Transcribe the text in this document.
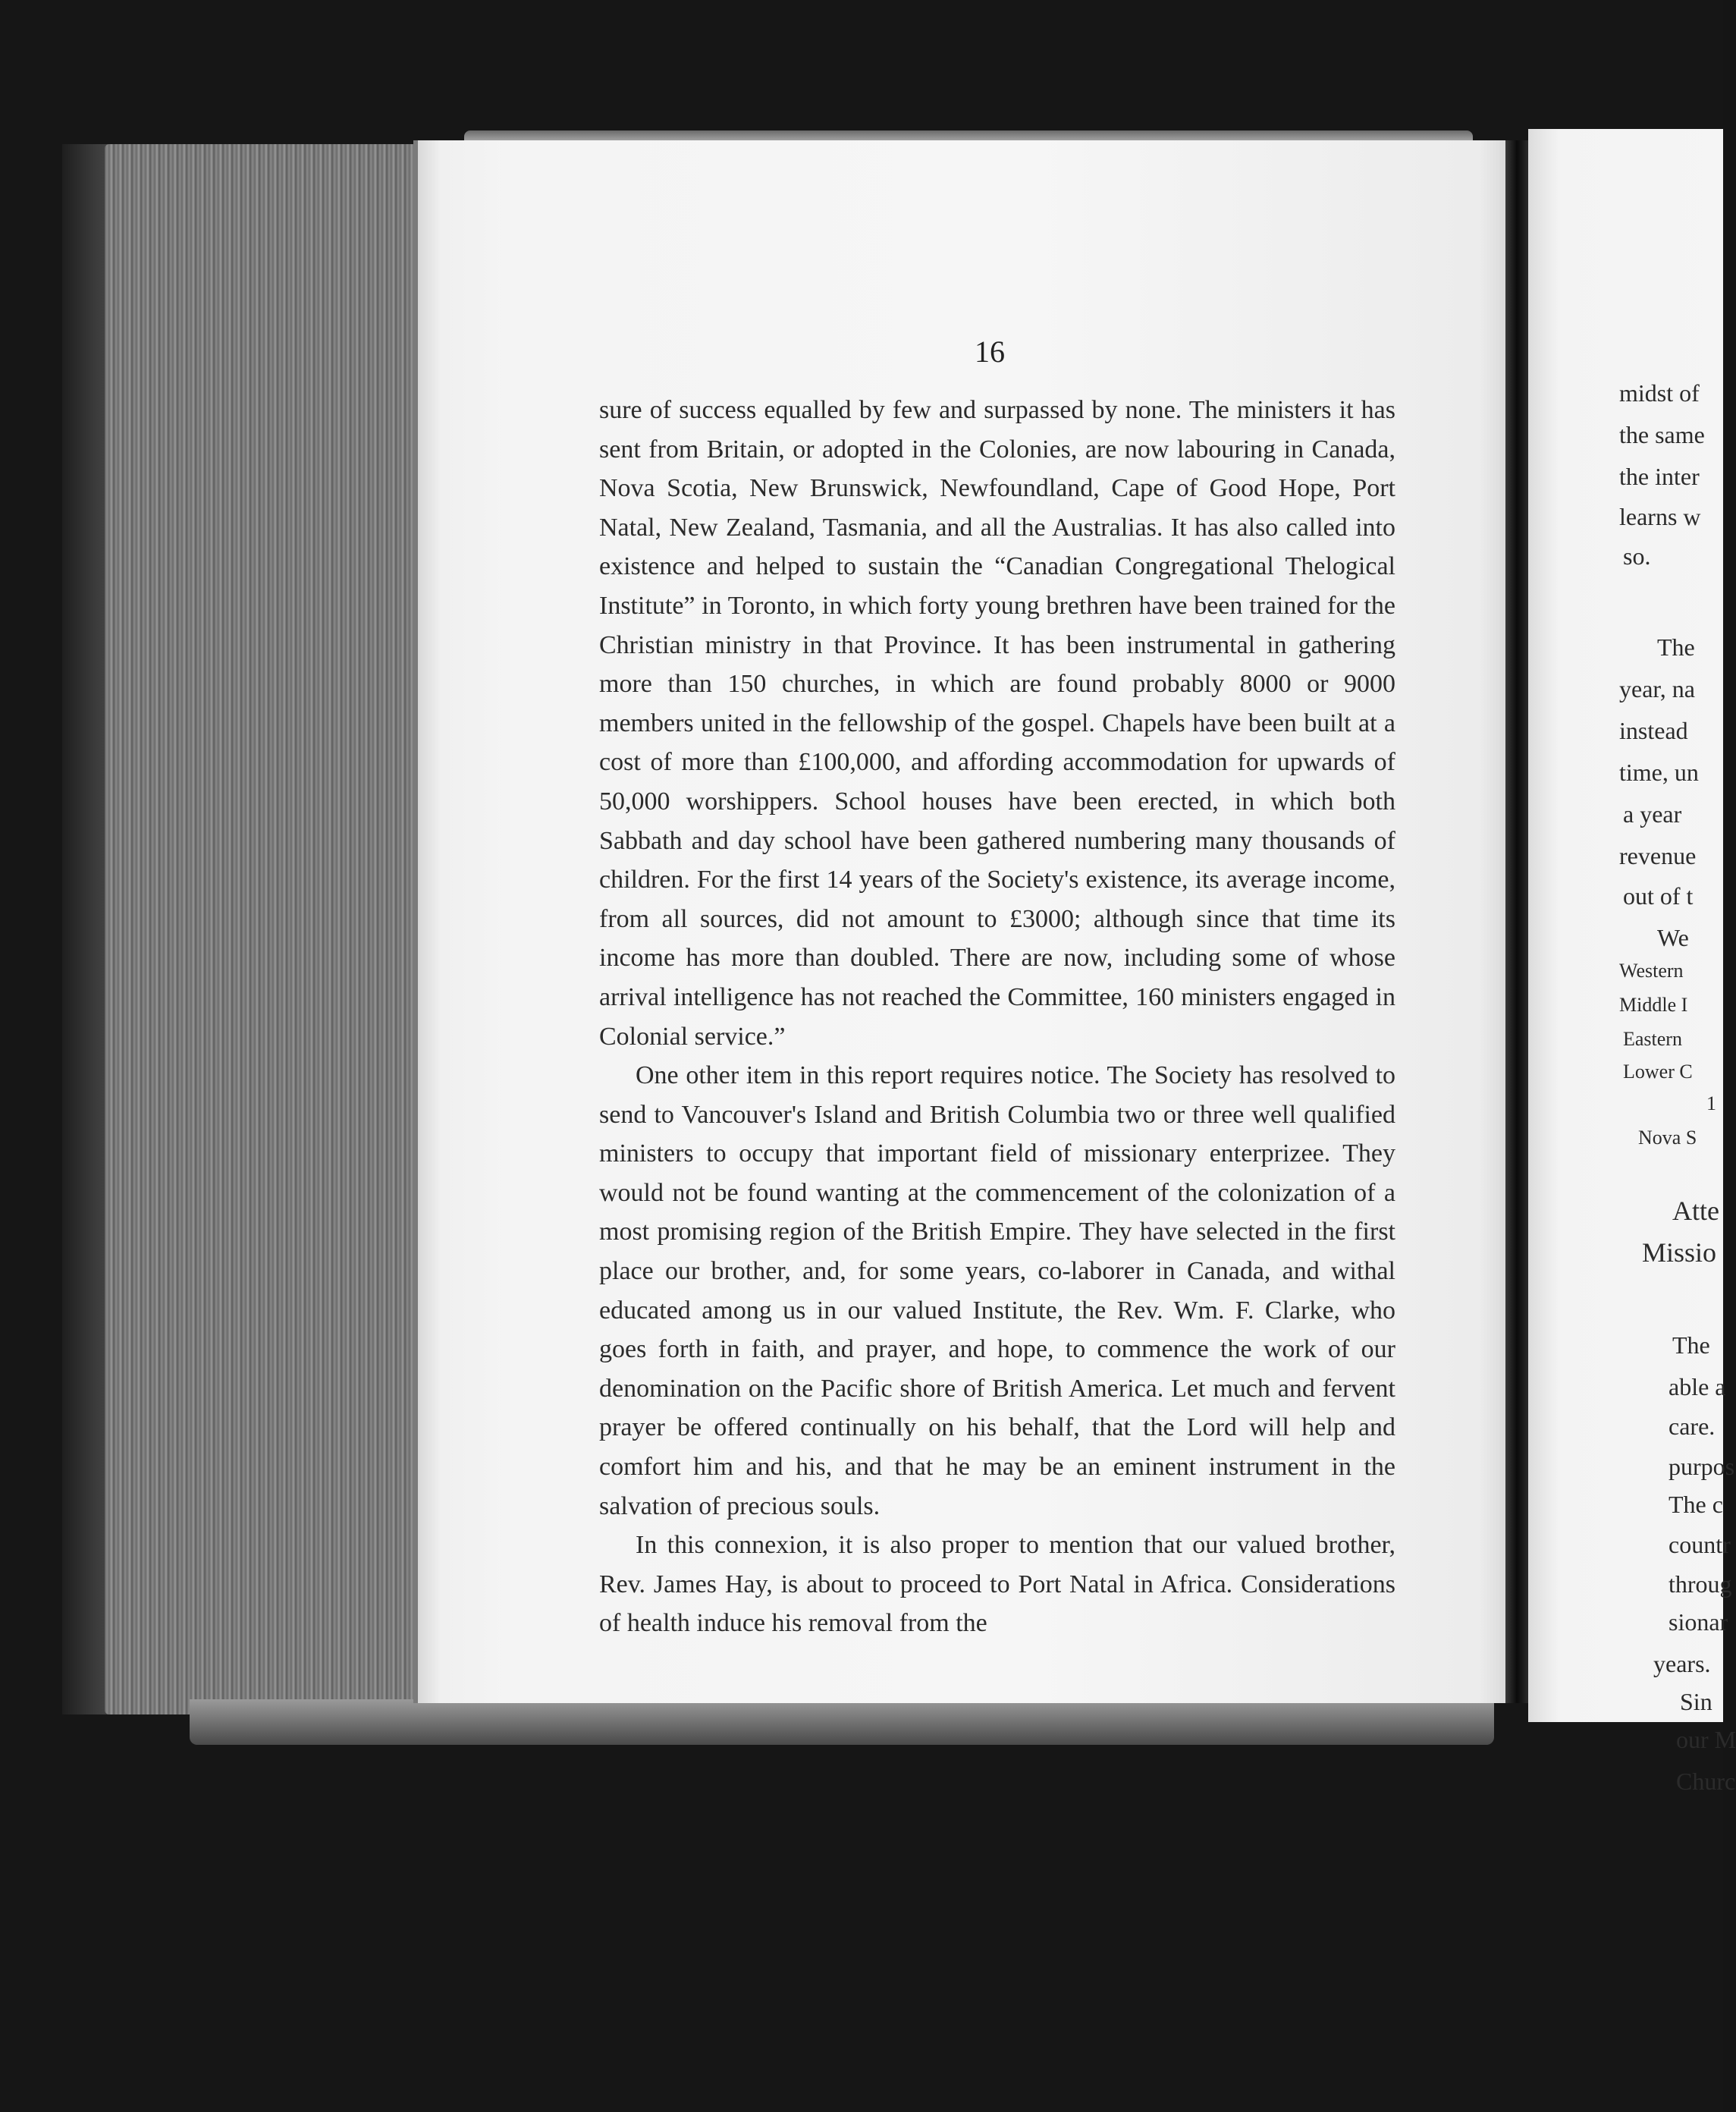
16

sure of success equalled by few and surpassed by none. The ministers it has sent from Britain, or adopted in the Colonies, are now labouring in Canada, Nova Scotia, New Brunswick, Newfoundland, Cape of Good Hope, Port Natal, New Zealand, Tasmania, and all the Australias. It has also called into existence and helped to sustain the “Canadian Congregational Thelogical Institute” in Toronto, in which forty young brethren have been trained for the Christian ministry in that Province. It has been instrumental in gathering more than 150 churches, in which are found probably 8000 or 9000 members united in the fellowship of the gospel. Chapels have been built at a cost of more than £100,000, and affording accommodation for upwards of 50,000 worshippers. School houses have been erected, in which both Sabbath and day school have been gathered numbering many thousands of children. For the first 14 years of the Society's existence, its average income, from all sources, did not amount to £3000; although since that time its income has more than doubled. There are now, including some of whose arrival intelligence has not reached the Committee, 160 ministers engaged in Colonial service.”

One other item in this report requires notice. The Society has resolved to send to Vancouver's Island and British Columbia two or three well qualified ministers to occupy that important field of missionary enterprizee. They would not be found wanting at the commencement of the colonization of a most promising region of the British Empire. They have selected in the first place our brother, and, for some years, co-laborer in Canada, and withal educated among us in our valued Institute, the Rev. Wm. F. Clarke, who goes forth in faith, and prayer, and hope, to commence the work of our denomination on the Pacific shore of British America. Let much and fervent prayer be offered continually on his behalf, that the Lord will help and comfort him and his, and that he may be an eminent instrument in the salvation of precious souls.

In this connexion, it is also proper to mention that our valued brother, Rev. James Hay, is about to proceed to Port Natal in Africa. Considerations of health induce his removal from the

midst of
the same
the inter
learns w
so.
The
year, na
instead
time, un
a year
revenue
out of t
We
Western
Middle I
Eastern
Lower C
1
Nova S
Atte
Missio
The
able a
care.
purpos
The c
countr
throug
sionar
years.
Sin
our M
Churc
